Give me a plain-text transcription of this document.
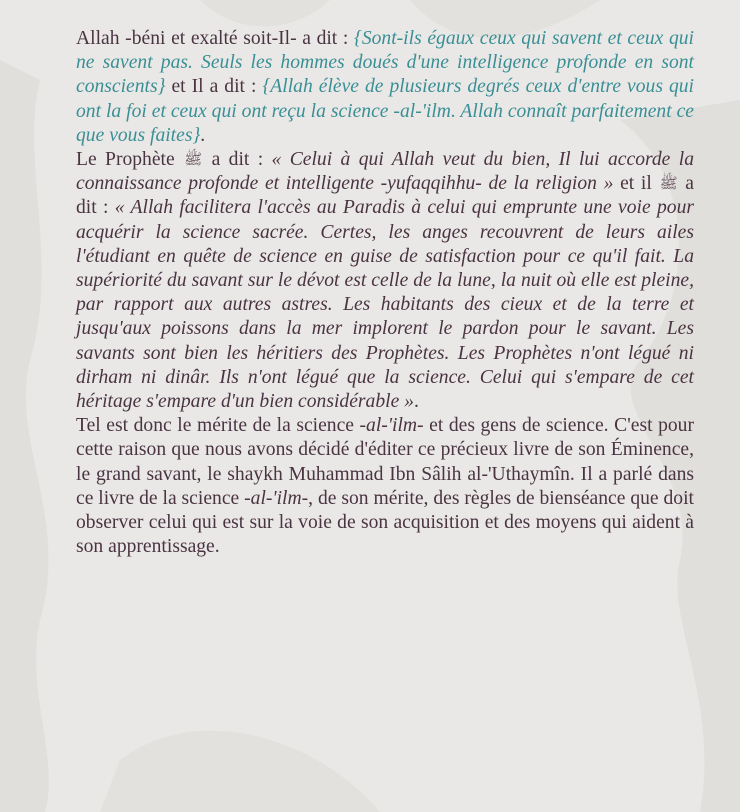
Allah -béni et exalté soit-Il- a dit : {Sont-ils égaux ceux qui savent et ceux qui ne savent pas. Seuls les hommes doués d'une intelligence profonde en sont conscients} et Il a dit : {Allah élève de plusieurs degrés ceux d'entre vous qui ont la foi et ceux qui ont reçu la science -al-'ilm. Allah connaît parfaitement ce que vous faites}.

Le Prophète ﷺ a dit : « Celui à qui Allah veut du bien, Il lui accorde la connaissance profonde et intelligente -yufaqqihhu- de la religion » et il ﷺ a dit : « Allah facilitera l'accès au Paradis à celui qui emprunte une voie pour acquérir la science sacrée. Certes, les anges recouvrent de leurs ailes l'étudiant en quête de science en guise de satisfaction pour ce qu'il fait. La supériorité du savant sur le dévot est celle de la lune, la nuit où elle est pleine, par rapport aux autres astres. Les habitants des cieux et de la terre et jusqu'aux poissons dans la mer implorent le pardon pour le savant. Les savants sont bien les héritiers des Prophètes. Les Prophètes n'ont légué ni dirham ni dinâr. Ils n'ont légué que la science. Celui qui s'empare de cet héritage s'empare d'un bien considérable ».

Tel est donc le mérite de la science -al-'ilm- et des gens de science. C'est pour cette raison que nous avons décidé d'éditer ce précieux livre de son Éminence, le grand savant, le shaykh Muhammad Ibn Sâlih al-'Uthaymîn. Il a parlé dans ce livre de la science -al-'ilm-, de son mérite, des règles de bienséance que doit observer celui qui est sur la voie de son acquisition et des moyens qui aident à son apprentissage.
